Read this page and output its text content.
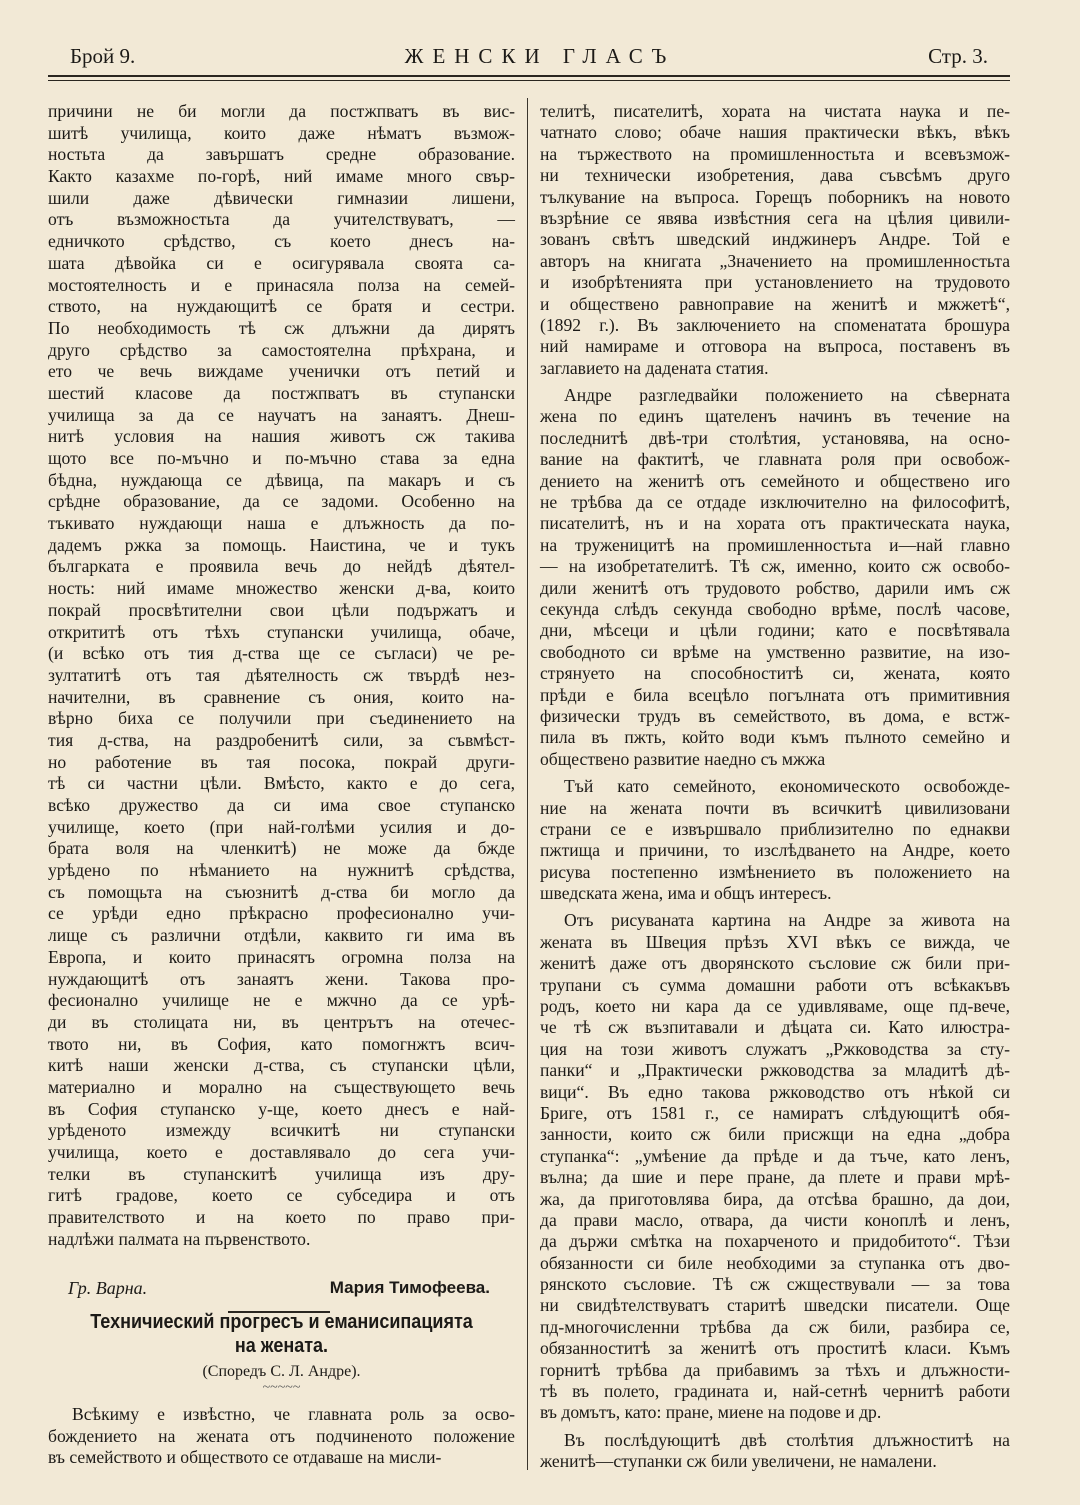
Брой 9.	ЖЕНСКИ ГЛАСЪ	Стр. 3.
причини не би могли да постжпватъ въ вис-
шитѣ училища, които даже нѣматъ възмож-
ностьта да завършатъ средне образование.
Както казахме по-горѣ, ний имаме много свър-
шили даже дѣвически гимназии лишени,
отъ възможностьта да учителствуватъ, —
едничкото срѣдство, съ което днесъ на-
шата дѣвойка си е осигурявала своята са-
мостоятелность и е принасяла полза на семей-
ството, на нуждающитѣ се братя и сестри.
По необходимость тѣ сж длъжни да дирятъ
друго срѣдство за самостоятелна прѣхрана, и
ето че вечь виждаме ученички отъ петий и
шестий класове да постжпватъ въ ступански
училища за да се научатъ на занаятъ. Днеш-
нитѣ условия на нашия животъ сж такива
щото все по-мъчно и по-мъчно става за една
бѣдна, нуждающа се дѣвица, па макаръ и съ
срѣдне образование, да се задоми. Особенно на
тъкивато нуждающи наша е длъжность да по-
дадемъ ржка за помощь. Наистина, че и тукъ
българката е проявила вечь до нейдѣ дѣятел-
ность: ний имаме множество женски д-ва, които
покрай просвѣтителни свои цѣли подържатъ и
открититѣ отъ тѣхъ ступански училища, обаче,
(и всѣко отъ тия д-ства ще се съгласи) че ре-
зултатитѣ отъ тая дѣятелность сж твърдѣ нез-
начителни, въ сравнение съ ония, които на-
вѣрно биха се получили при съединението на
тия д-ства, на раздробенитѣ сили, за съвмѣст-
но работение въ тая посока, покрай други-
тѣ си частни цѣли. Вмѣсто, както е до сега,
всѣко дружество да си има свое ступанско
училище, което (при най-голѣми усилия и до-
брата воля на членкитѣ) не може да бжде
урѣдено по нѣманието на нужнитѣ срѣдства,
съ помощьта на съюзнитѣ д-ства би могло да
се урѣди едно прѣкрасно професионално учи-
лище съ различни отдѣли, каквито ги има въ
Европа, и които принасятъ огромна полза на
нуждающитѣ отъ занаятъ жени. Такова про-
фесионално училище не е мжчно да се урѣ-
ди въ столицата ни, въ центрътъ на отечес-
твото ни, въ София, като помогнжтъ всич-
китѣ наши женски д-ства, съ ступански цѣли,
материално и морално на съществующето вечь
въ София ступанско у-ще, което днесъ е най-
урѣденото измежду всичкитѣ ни ступански
училища, което е доставлявало до сега учи-
телки въ ступанскитѣ училища изъ дру-
гитѣ градове, което се субседира и отъ
правителството и на което по право при-
надлѣжи палмата на първенството.
Гр. Варна.	Мария Тимофеева.
Техничиеский прогресъ и еманисипацията
на жената.
(Споредъ С. Л. Андре).
~~~~~
Всѣкиму е извѣстно, че главната роль за осво-
бождението на жената отъ подчиненото положение
въ семейството и обществото се отдаваше на мисли-
телитѣ, писателитѣ, хората на чистата наука и пе-
чатнато слово; обаче нашия практически вѣкъ, вѣкъ
на тържеството на промишленностьта и всевъзмож-
ни технически изобретения, дава съвсѣмъ друго
тълкувание на въпроса. Горещъ поборникъ на новото
възрѣние се явява извѣстния сега на цѣлия цивили-
зованъ свѣтъ шведский инджинеръ Андре. Той е
авторъ на книгата „Значението на промишленностьта
и изобрѣтенията при установлението на трудовото
и обществено равноправие на женитѣ и мжжетѣ“,
(1892 г.). Въ заключението на споменатата брошура
ний намираме и отговора на въпроса, поставенъ въ
заглавието на дадената статия.
Андре разгледвайки положението на сѣверната
жена по единъ щателенъ начинъ въ течение на
последнитѣ двѣ-три столѣтия, установява, на осно-
вание на фактитѣ, че главната роля при освобож-
дението на женитѣ отъ семейното и обществено иго
не трѣбва да се отдаде изключително на философитѣ,
писателитѣ, нъ и на хората отъ практическата наука,
на труженицитѣ на промишленностьта и—най главно
— на изобретателитѣ. Тѣ сж, именно, които сж освобо-
дили женитѣ отъ трудовото робство, дарили имъ сж
секунда слѣдъ секунда свободно врѣме, послѣ часове,
дни, мѣсеци и цѣли години; като е посвѣтявала
свободното си врѣме на умственно развитие, на изо-
стрянуето на способноститѣ си, жената, която
прѣди е била всецѣло погълната отъ примитивния
физически трудъ въ семейството, въ дома, е встж-
пила въ пжть, който води къмъ пълното семейно и
обществено развитие наедно съ мжжа
Тъй като семейното, економическото освобожде-
ние на жената почти въ всичкитѣ цивилизовани
страни се е извършвало приблизително по еднакви
пжтища и причини, то изслѣдването на Андре, което
рисува постепенно измѣнението въ положението на
шведската жена, има и общъ интересъ.
Отъ рисуваната картина на Андре за живота на
жената въ Швеция прѣзъ XVI вѣкъ се вижда, че
женитѣ даже отъ дворянското съсловие сж били при-
трупани съ сумма домашни работи отъ всѣкакъвъ
родъ, което ни кара да се удивляваме, още пд-вече,
че тѣ сж възпитавали и дѣцата си. Като илюстра-
ция на този животъ служатъ „Ржководства за сту-
панки“ и „Практически ржководства за младитѣ дѣ-
вици“. Въ едно такова ржководство отъ нѣкой си
Бриге, отъ 1581 г., се намиратъ слѣдующитѣ обя-
занности, които сж били присжщи на една „добра
ступанка“: „умѣение да прѣде и да тъче, като ленъ,
вълна; да шие и пере пране, да плете и прави мрѣ-
жа, да приготовлява бира, да отсѣва брашно, да дои,
да прави масло, отвара, да чисти коноплѣ и ленъ,
да държи смѣтка на похарченото и придобитото“. Тѣзи
обязанности си биле необходими за ступанка отъ дво-
рянското съсловие. Тѣ сж сжществували — за това
ни свидѣтелствуватъ старитѣ шведски писатели. Още
пд-многочисленни трѣбва да сж били, разбира се,
обязанноститѣ за женитѣ отъ проститѣ класи. Къмъ
горнитѣ трѣбва да прибавимъ за тѣхъ и длъжности-
тѣ въ полето, градината и, най-сетнѣ чернитѣ работи
въ домътъ, като: пране, миене на подове и др.
Въ послѣдующитѣ двѣ столѣтия длъжноститѣ на
женитѣ—ступанки сж били увеличени, не намалени.
